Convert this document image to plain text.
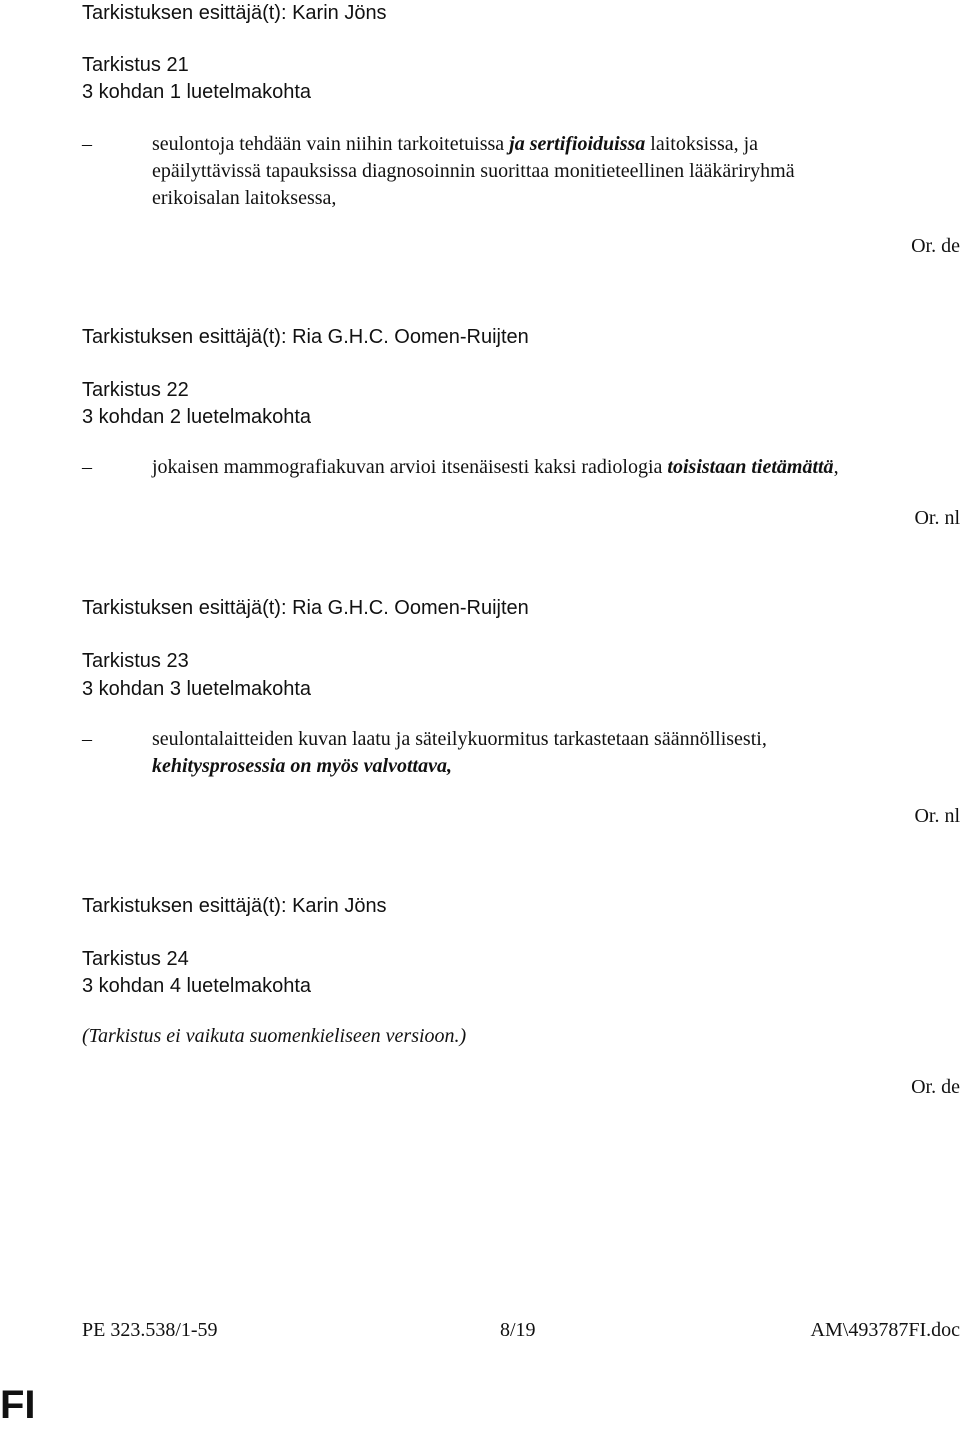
Tarkistuksen esittäjä(t): Karin Jöns

Tarkistus 21

3 kohdan 1 luetelmakohta

–	seulontoja tehdään vain niihin tarkoitetuissa ja sertifioiduissa laitoksissa, ja
epäilyttävissä tapauksissa diagnosoinnin suorittaa monitieteellinen lääkäriryhmä
erikoisalan laitoksessa,
Or. de

Tarkistuksen esittäjä(t): Ria G.H.C. Oomen-Ruijten

Tarkistus 22

3 kohdan 2 luetelmakohta

–	jokaisen mammografiakuvan arvioi itsenäisesti kaksi radiologia toisistaan tietämättä,
Or. nl

Tarkistuksen esittäjä(t): Ria G.H.C. Oomen-Ruijten

Tarkistus 23

3 kohdan 3 luetelmakohta

–	seulontalaitteiden kuvan laatu ja säteilykuormitus tarkastetaan säännöllisesti,
kehitysprosessia on myös valvottava,
Or. nl

Tarkistuksen esittäjä(t): Karin Jöns

Tarkistus 24

3 kohdan 4 luetelmakohta

(Tarkistus ei vaikuta suomenkieliseen versioon.)

Or. de
PE 323.538/1-59	8/19	AM\493787FI.doc
FI
